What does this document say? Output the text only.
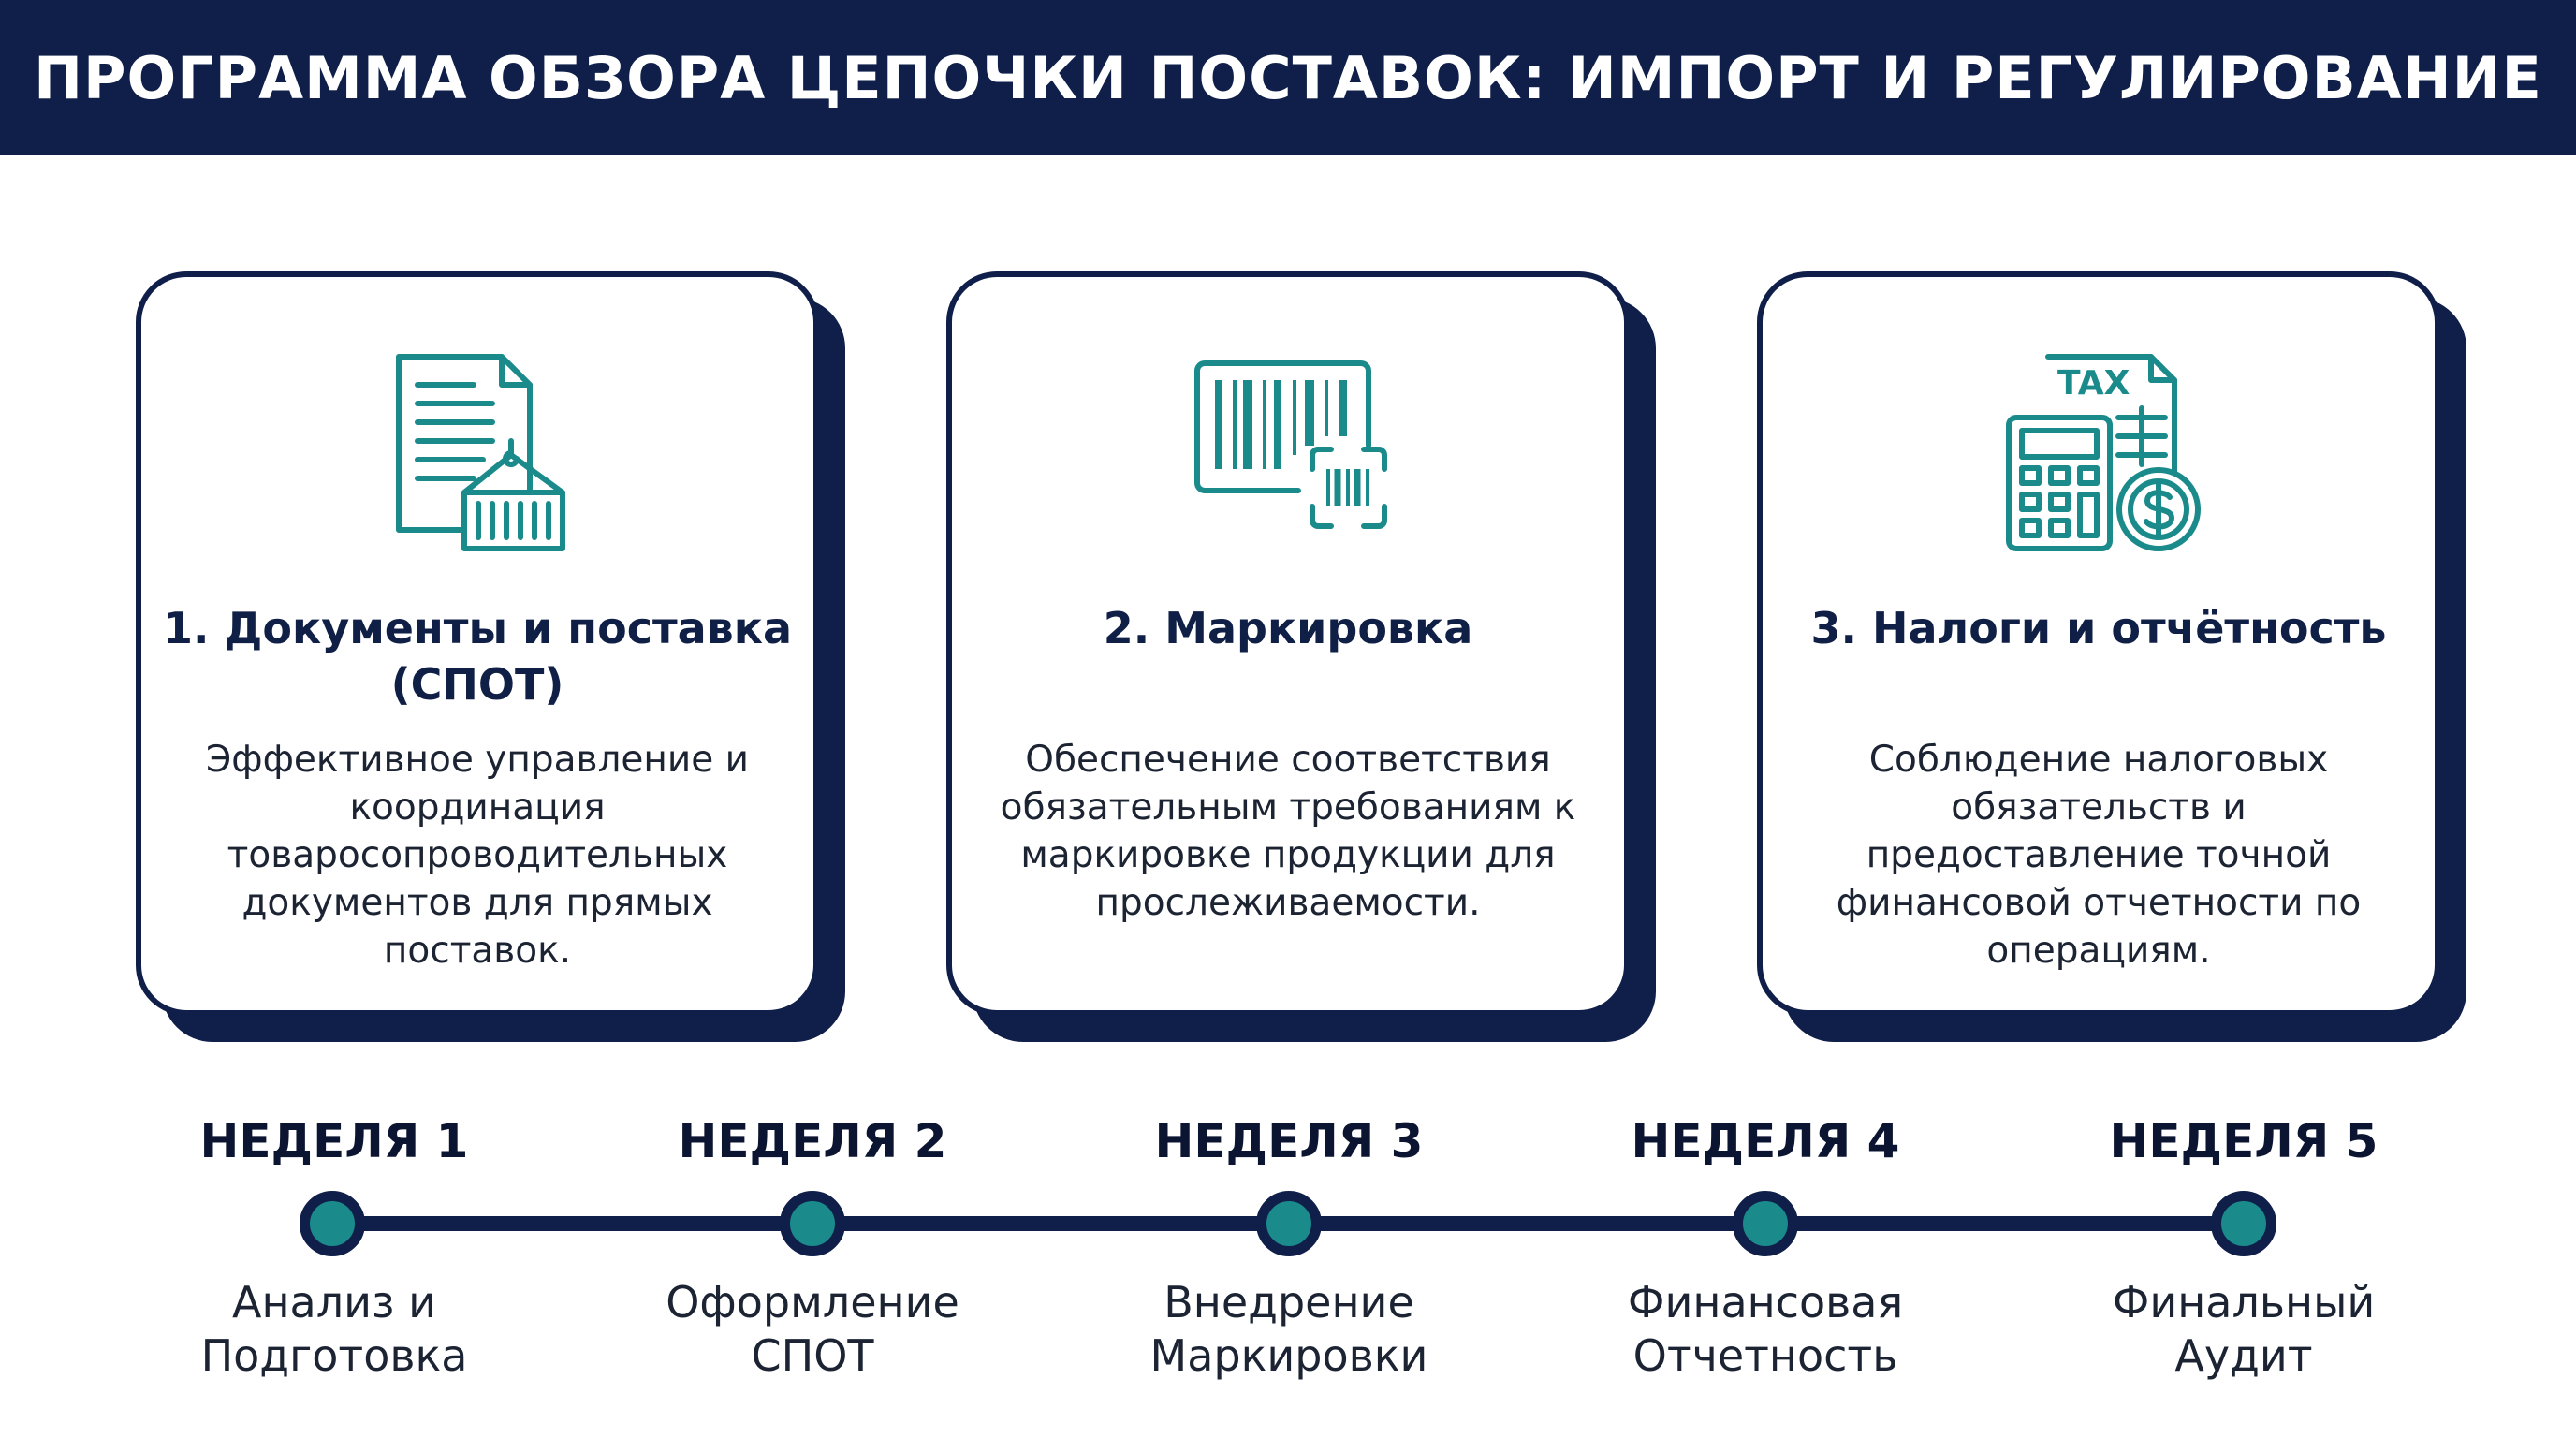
ПРОГРАММА ОБЗОРА ЦЕПОЧКИ ПОСТАВОК: ИМПОРТ И РЕГУЛИРОВАНИЕ
1. Документы и поставка (СПОТ)
Эффективное управление и координация товаросопроводительных документов для прямых поставок.
2. Маркировка
Обеспечение соответствия обязательным требованиям к маркировке продукции для прослеживаемости.
TAX
3. Налоги и отчётность
Соблюдение налоговых обязательств и предоставление точной финансовой отчетности по операциям.
НЕДЕЛЯ 1
Анализ и
Подготовка
НЕДЕЛЯ 2
Оформление
СПОТ
НЕДЕЛЯ 3
Внедрение
Маркировки
НЕДЕЛЯ 4
Финансовая
Отчетность
НЕДЕЛЯ 5
Финальный
Аудит
